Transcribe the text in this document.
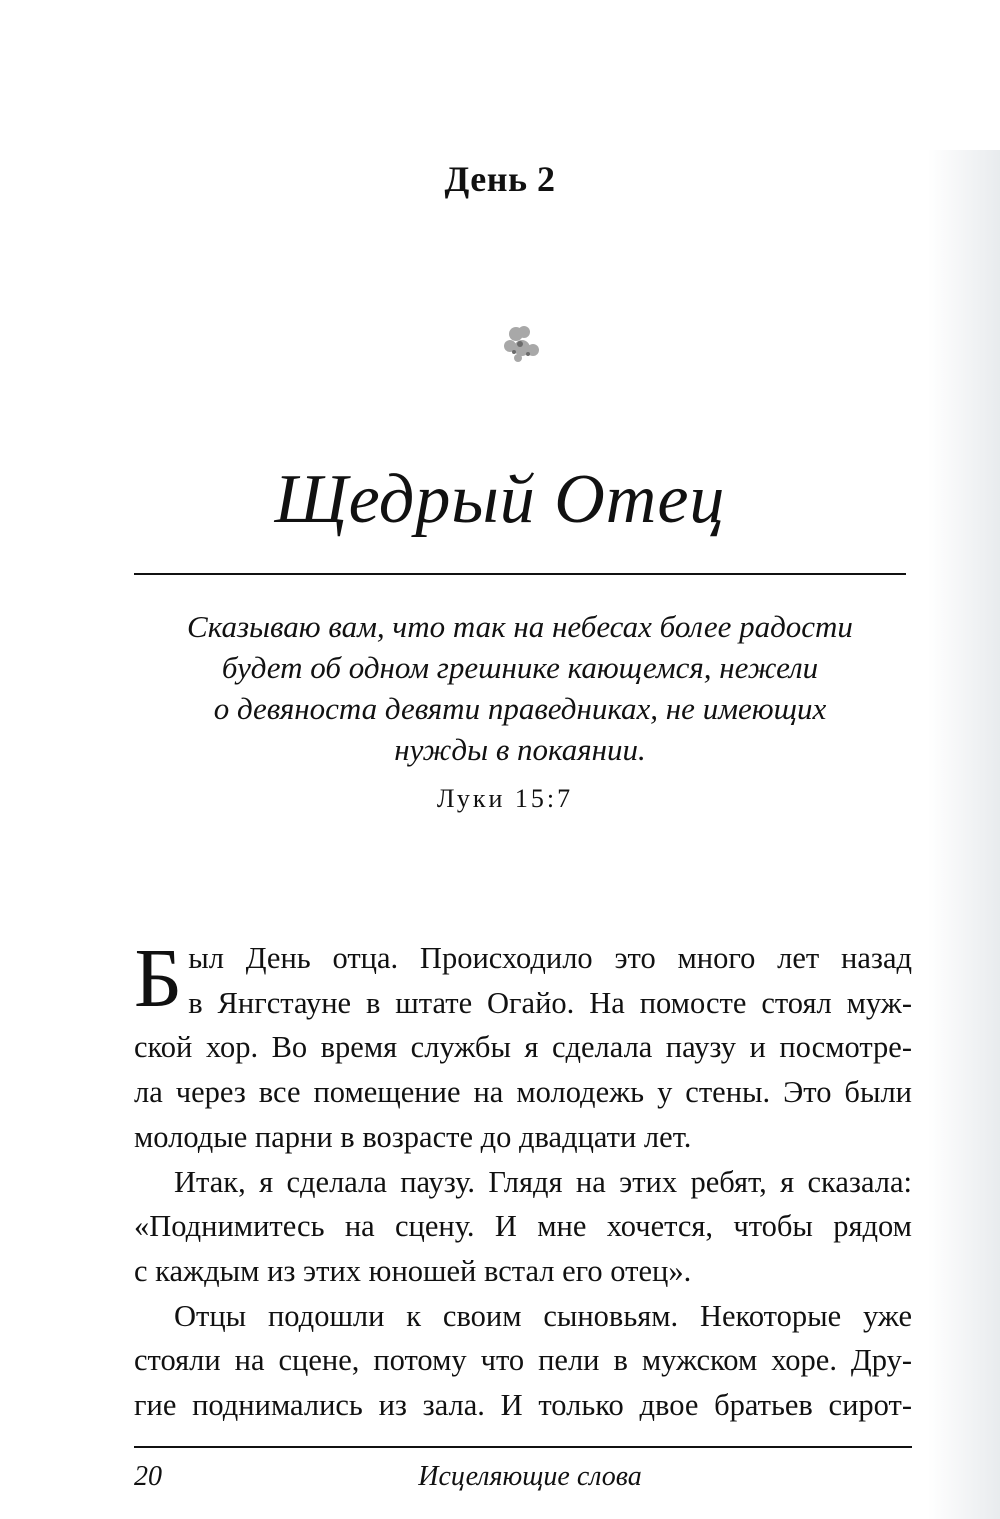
День 2
Щедрый Отец
Сказываю вам, что так на небесах более радости
будет об одном грешнике кающемся, нежели
о девяноста девяти праведниках, не имеющих
нужды в покаянии.
Луки 15:7
Б ыл День отца. Происходило это много лет назад
в Янгстауне в штате Огайо. На помосте стоял муж-
ской хор. Во время службы я сделала паузу и посмотре-
ла через все помещение на молодежь у стены. Это были
молодые парни в возрасте до двадцати лет.
Итак, я сделала паузу. Глядя на этих ребят, я сказала:
«Поднимитесь на сцену. И мне хочется, чтобы рядом
с каждым из этих юношей встал его отец».
Отцы подошли к своим сыновьям. Некоторые уже
стояли на сцене, потому что пели в мужском хоре. Дру-
гие поднимались из зала. И только двое братьев сирот-
20	Исцеляющие слова
